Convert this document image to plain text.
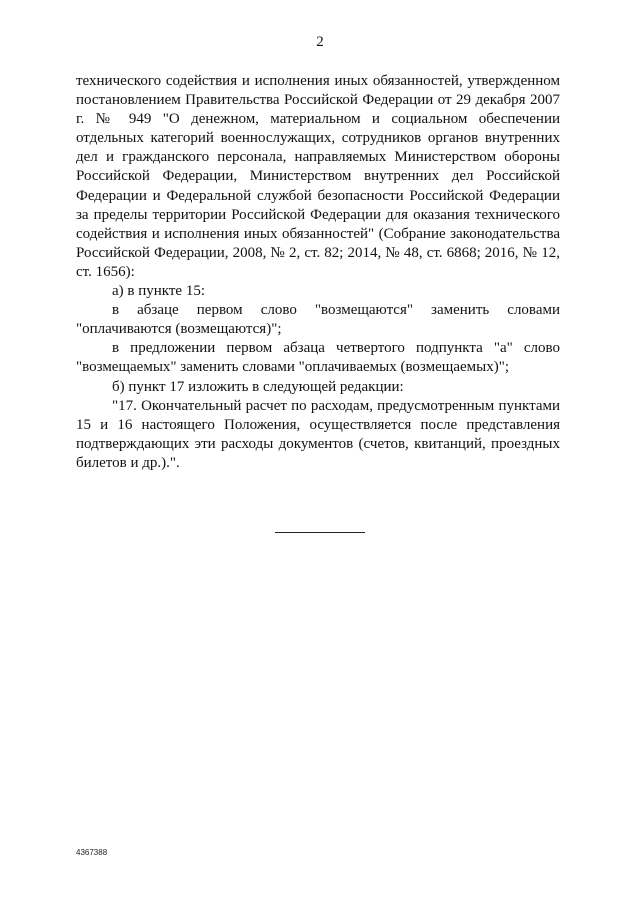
2

технического содействия и исполнения иных обязанностей, утвержденном постановлением Правительства Российской Федерации от 29 декабря 2007 г. № 949 "О денежном, материальном и социальном обеспечении отдельных категорий военнослужащих, сотрудников органов внутренних дел и гражданского персонала, направляемых Министерством обороны Российской Федерации, Министерством внутренних дел Российской Федерации и Федеральной службой безопасности Российской Федерации за пределы территории Российской Федерации для оказания технического содействия и исполнения иных обязанностей" (Собрание законодательства Российской Федерации, 2008, № 2, ст. 82; 2014, № 48, ст. 6868; 2016, № 12, ст. 1656):

а) в пункте 15:

в абзаце первом слово "возмещаются" заменить словами "оплачиваются (возмещаются)";

в предложении первом абзаца четвертого подпункта "а" слово "возмещаемых" заменить словами "оплачиваемых (возмещаемых)";

б) пункт 17 изложить в следующей редакции:

"17. Окончательный расчет по расходам, предусмотренным пунктами 15 и 16 настоящего Положения, осуществляется после представления подтверждающих эти расходы документов (счетов, квитанций, проездных билетов и др.).".

4367388
